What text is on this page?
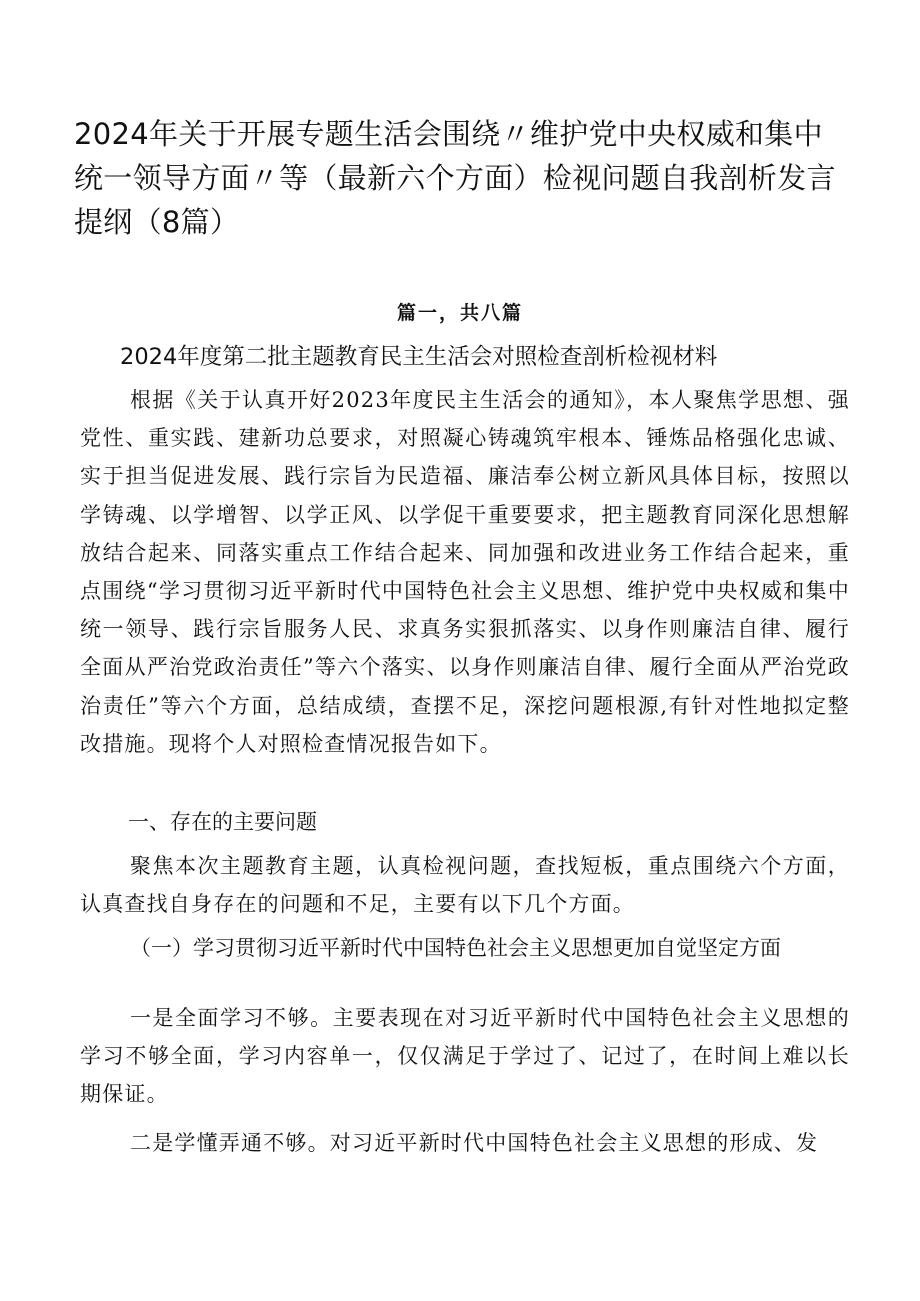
2024年关于开展专题生活会围绕〃维护党中央权威和集中统一领导方面〃等（最新六个方面）检视问题自我剖析发言提纲（8篇）
篇一，共八篇
2024年度第二批主题教育民主生活会对照检查剖析检视材料

根据《关于认真开好2023年度民主生活会的通知》，本人聚焦学思想、强党性、重实践、建新功总要求，对照凝心铸魂筑牢根本、锤炼品格强化忠诚、实于担当促进发展、践行宗旨为民造福、廉洁奉公树立新风具体目标，按照以学铸魂、以学增智、以学正风、以学促干重要要求，把主题教育同深化思想解放结合起来、同落实重点工作结合起来、同加强和改进业务工作结合起来，重点围绕“学习贯彻习近平新时代中国特色社会主义思想、维护党中央权威和集中统一领导、践行宗旨服务人民、求真务实狠抓落实、以身作则廉洁自律、履行全面从严治党政治责任”等六个落实、以身作则廉洁自律、履行全面从严治党政治责任”等六个方面，总结成绩，查摆不足，深挖问题根源,有针对性地拟定整改措施。现将个人对照检查情况报告如下。

一、存在的主要问题

聚焦本次主题教育主题，认真检视问题，查找短板，重点围绕六个方面，认真查找自身存在的问题和不足，主要有以下几个方面。

（一）学习贯彻习近平新时代中国特色社会主义思想更加自觉坚定方面

一是全面学习不够。主要表现在对习近平新时代中国特色社会主义思想的学习不够全面，学习内容单一，仅仅满足于学过了、记过了，在时间上难以长期保证。

二是学懂弄通不够。对习近平新时代中国特色社会主义思想的形成、发
